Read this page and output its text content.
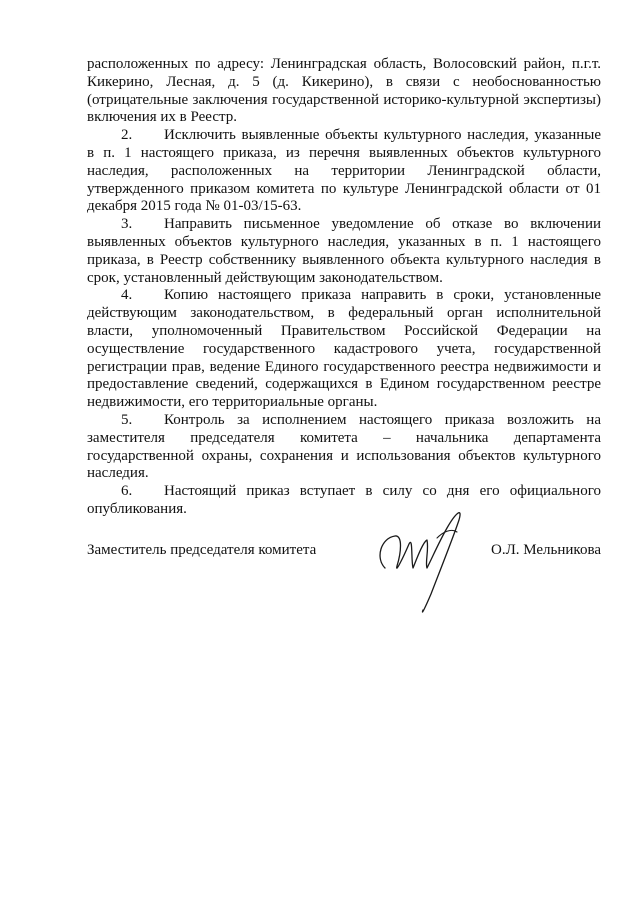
расположенных по адресу: Ленинградская область, Волосовский район, п.г.т. Кикерино, Лесная, д. 5 (д. Кикерино), в связи с необоснованностью (отрицательные заключения государственной историко-культурной экспертизы) включения их в Реестр.

2. Исключить выявленные объекты культурного наследия, указанные в п. 1 настоящего приказа, из перечня выявленных объектов культурного наследия, расположенных на территории Ленинградской области, утвержденного приказом комитета по культуре Ленинградской области от 01 декабря 2015 года № 01-03/15-63.

3. Направить письменное уведомление об отказе во включении выявленных объектов культурного наследия, указанных в п. 1 настоящего приказа, в Реестр собственнику выявленного объекта культурного наследия в срок, установленный действующим законодательством.

4. Копию настоящего приказа направить в сроки, установленные действующим законодательством, в федеральный орган исполнительной власти, уполномоченный Правительством Российской Федерации на осуществление государственного кадастрового учета, государственной регистрации прав, ведение Единого государственного реестра недвижимости и предоставление сведений, содержащихся в Едином государственном реестре недвижимости, его территориальные органы.

5. Контроль за исполнением настоящего приказа возложить на заместителя председателя комитета – начальника департамента государственной охраны, сохранения и использования объектов культурного наследия.

6. Настоящий приказ вступает в силу со дня его официального опубликования.

Заместитель председателя комитета	О.Л. Мельникова
